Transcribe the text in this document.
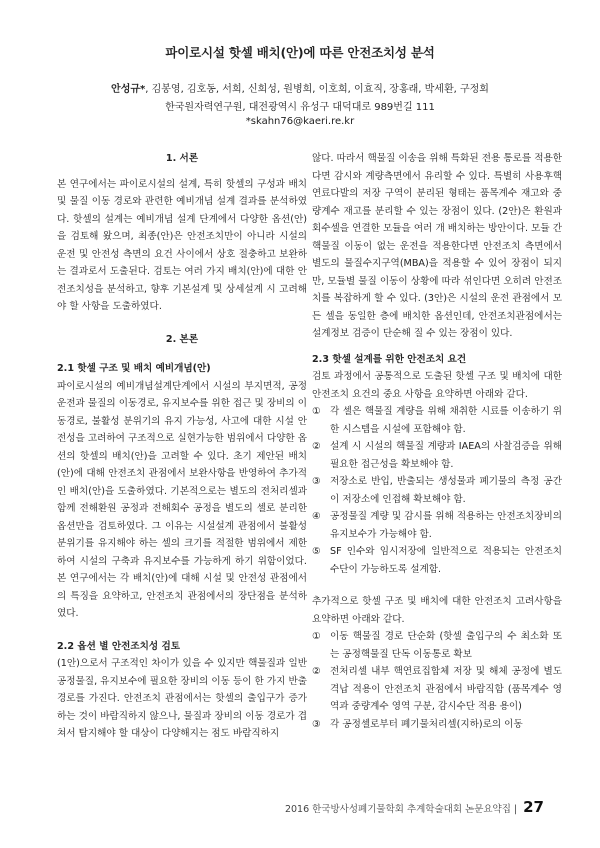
파이로시설 핫셀 배치(안)에 따른 안전조치성 분석
안성규*, 김봉영, 김호동, 서희, 신희성, 원병희, 이호희, 이효직, 장홍래, 박세환, 구정회
한국원자력연구원, 대전광역시 유성구 대덕대로 989번길 111
*skahn76@kaeri.re.kr
1. 서론

본 연구에서는 파이로시설의 설계, 특히 핫셀의 구성과 배치 및 물질 이동 경로와 관련한 예비개념 설계 결과를 분석하였다. 핫셀의 설계는 예비개념 설계 단계에서 다양한 옵션(안)을 검토해 왔으며, 최종(안)은 안전조치만이 아니라 시설의 운전 및 안전성 측면의 요건 사이에서 상호 절충하고 보완하는 결과로서 도출된다. 검토는 여러 가지 배치(안)에 대한 안전조치성을 분석하고, 향후 기본설계 및 상세설계 시 고려해야 할 사항을 도출하였다.

2. 본론
2.1 핫셀 구조 및 배치 예비개념(안)

파이로시설의 예비개념설계단계에서 시설의 부지면적, 공정운전과 물질의 이동경로, 유지보수를 위한 접근 및 장비의 이동경로, 불활성 분위기의 유지 가능성, 사고에 대한 시설 안전성을 고려하여 구조적으로 실현가능한 범위에서 다양한 옵션의 핫셀의 배치(안)을 고려할 수 있다. 초기 제안된 배치(안)에 대해 안전조치 관점에서 보완사항을 반영하여 추가적인 배치(안)을 도출하였다. 기본적으로는 별도의 전처리셀과 함께 전해환원 공정과 전해회수 공정을 별도의 셀로 분리한 옵션만을 검토하였다. 그 이유는 시설설계 관점에서 불활성 분위기를 유지해야 하는 셀의 크기를 적절한 범위에서 제한하여 시설의 구축과 유지보수를 가능하게 하기 위함이었다. 본 연구에서는 각 배치(안)에 대해 시설 및 안전성 관점에서의 특징을 요약하고, 안전조치 관점에서의 장단점을 분석하였다.

2.2 옵션 별 안전조치성 검토

(1안)으로서 구조적인 차이가 있을 수 있지만 핵물질과 일반공정물질, 유지보수에 필요한 장비의 이동 등이 한 가지 반출경로를 가진다. 안전조치 관점에서는 핫셀의 출입구가 증가하는 것이 바람직하지 않으나, 물질과 장비의 이동 경로가 겹쳐서 탐지해야 할 대상이 다양해지는 점도 바람직하지

않다. 따라서 핵물질 이송을 위해 특화된 전용 통로를 적용한다면 감시와 계량측면에서 유리할 수 있다. 특별히 사용후핵연료다발의 저장 구역이 분리된 형태는 품목계수 재고와 중량계수 재고를 분리할 수 있는 장점이 있다. (2안)은 환원과 회수셀을 연결한 모듈을 여러 개 배치하는 방안이다. 모듈 간 핵물질 이동이 없는 운전을 적용한다면 안전조치 측면에서 별도의 물질수지구역(MBA)을 적용할 수 있어 장점이 되지만, 모듈별 물질 이동이 상황에 따라 섞인다면 오히려 안전조치를 복잡하게 할 수 있다. (3안)은 시설의 운전 관점에서 모든 셀을 동일한 층에 배치한 옵션인데, 안전조치관점에서는 설계정보 검증이 단순해 질 수 있는 장점이 있다.

2.3 핫셀 설계를 위한 안전조치 요건

검토 과정에서 공통적으로 도출된 핫셀 구조 및 배치에 대한 안전조치 요건의 중요 사항을 요약하면 아래와 같다.

① 각 셀은 핵물질 계량을 위해 채취한 시료를 이송하기 위한 시스템을 시설에 포함해야 함.
② 설계 시 시설의 핵물질 계량과 IAEA의 사찰검증을 위해 필요한 접근성을 확보해야 함.
③ 저장소로 반입, 반출되는 생성물과 폐기물의 측정 공간이 저장소에 인접해 확보해야 함.
④ 공정물질 계량 및 감시를 위해 적용하는 안전조치장비의 유지보수가 가능해야 함.
⑤ SF 인수와 임시저장에 일반적으로 적용되는 안전조치 수단이 가능하도록 설계함.

추가적으로 핫셀 구조 및 배치에 대한 안전조치 고려사항을 요약하면 아래와 같다.

① 이동 핵물질 경로 단순화 (핫셀 출입구의 수 최소화 또는 공정핵물질 단독 이동통로 확보
② 전처리셀 내부 핵연료집합체 저장 및 해체 공정에 별도 격납 적용이 안전조치 관점에서 바람직함 (품목계수 영역과 중량계수 영역 구분, 감시수단 적용 용이)
③ 각 공정셀로부터 폐기물처리셀(지하)로의 이동
2016 한국방사성폐기물학회 추계학술대회 논문요약집 | 27
